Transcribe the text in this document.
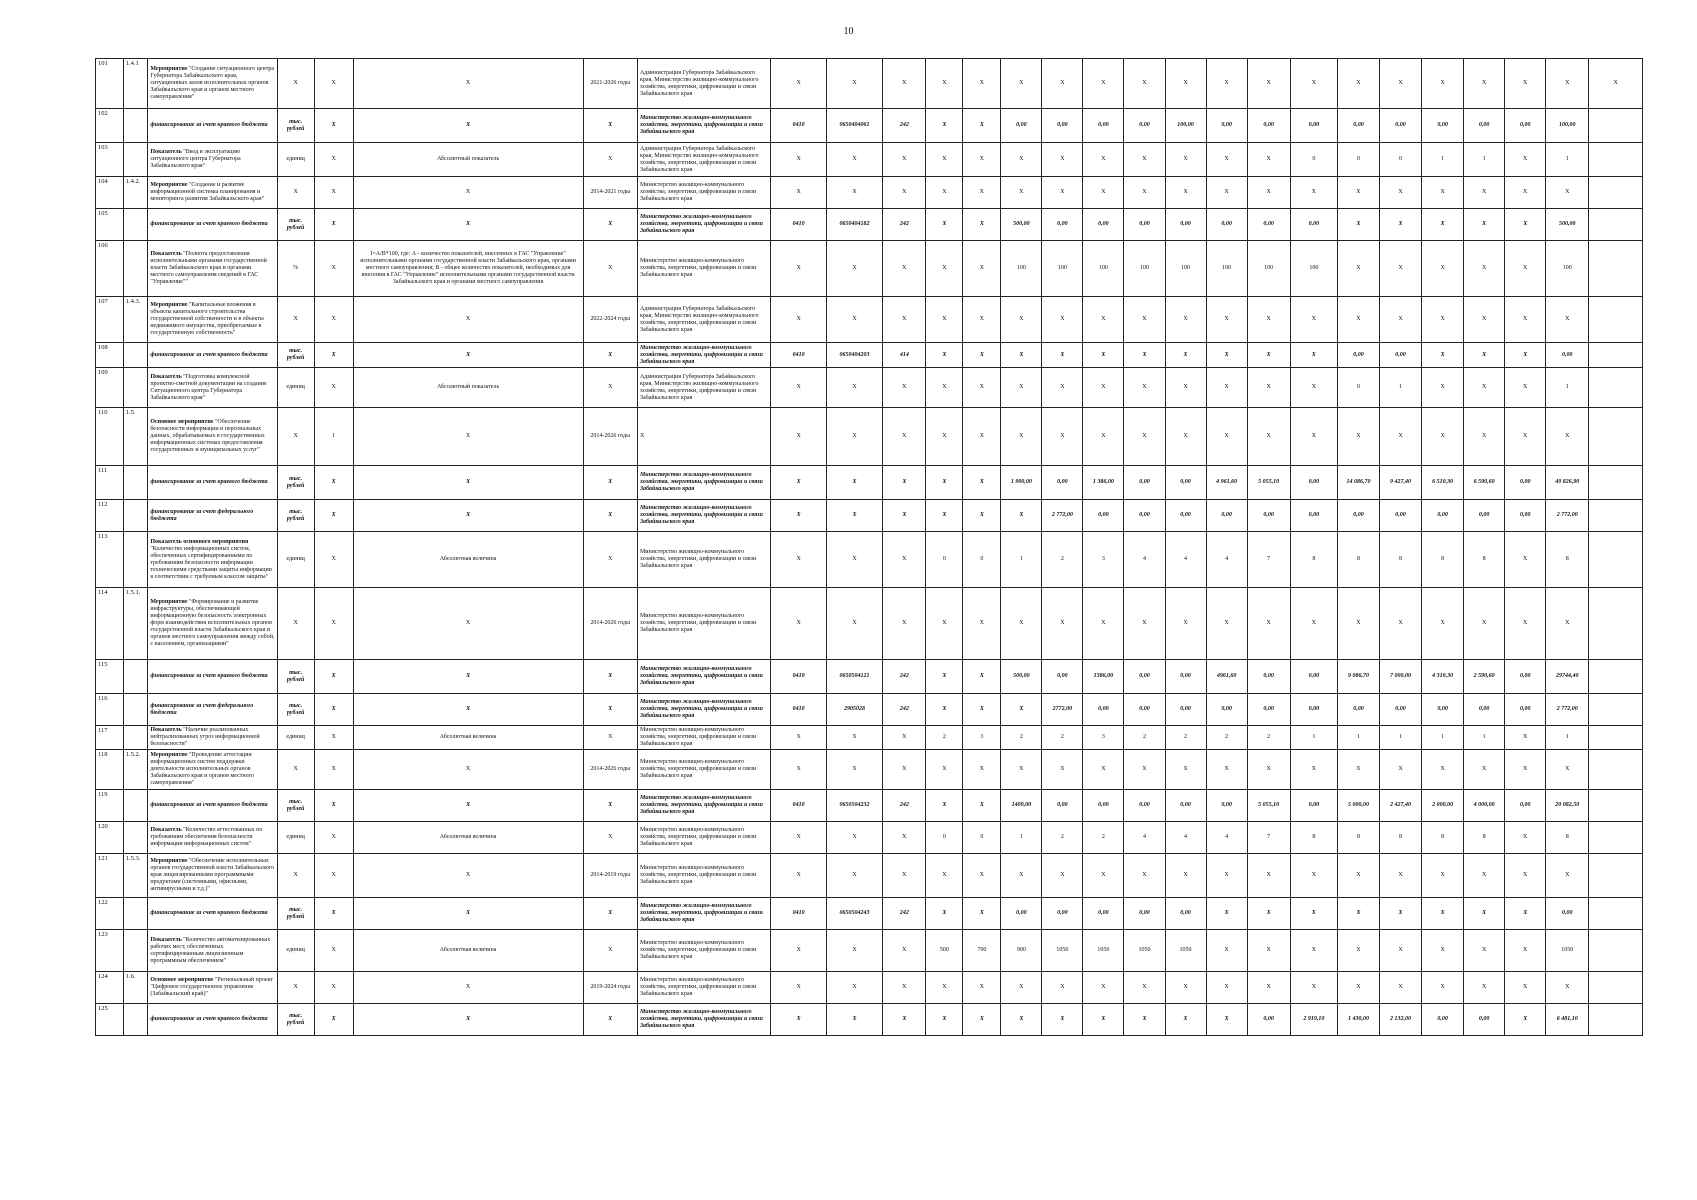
10
101	1.4.1	Мероприятие "Создание ситуационного центра Губернатора Забайкальского края, ситуационных залов исполнительных органов Забайкальского края и органов местного самоуправления"	X	X	X	2021-2026 годы	Администрация Губернатора Забайкальского края, Министерство жилищно-коммунального хозяйства, энергетики, цифровизации и связи Забайкальского края	X	X	X	X	X	X	X	X	X	X	X	X	X	X	X	X	X	X	X	X
102		финансирование за счет краевого бюджета	тыс. рублей	X	X	X	Министерство жилищно-коммунального хозяйства, энергетики, цифровизации и связи Забайкальского края	0410	0650404061	242	X	X	0,00	0,00	0,00	0,00	100,00	0,00	0,00	0,00	0,00	0,00	0,00	0,00	0,00	100,00	
103		Показатель "Ввод в эксплуатацию ситуационного центра Губернатора Забайкальского края"	единиц	X	Абсолютный показатель	X	Администрация Губернатора Забайкальского края, Министерство жилищно-коммунального хозяйства, энергетики, цифровизации и связи Забайкальского края	X	X	X	X	X	X	X	X	X	X	X	X	0	0	0	1	1	X	1	
104	1.4.2.	Мероприятие "Создание и развитие информационной системы планирования и мониторинга развития Забайкальского края"	X	X	X	2014-2021 годы	Министерство жилищно-коммунального хозяйства, энергетики, цифровизации и связи Забайкальского края	X	X	X	X	X	X	X	X	X	X	X	X	X	X	X	X	X	X	X	
105		финансирование за счет краевого бюджета	тыс. рублей	X	X	X	Министерство жилищно-коммунального хозяйства, энергетики, цифровизации и связи Забайкальского края	0410	0650404182	242	X	X	500,00	0,00	0,00	0,00	0,00	0,00	0,00	0,00	X	X	X	X	X	500,00	
106		Показатель "Полнота предоставления исполнительными органами государственной власти Забайкальского края и органами местного самоуправления сведений в ГАС "Управление""	%	X	I=A/B*100, где: А - количество показателей, внесенных в ГАС "Управление" исполнительными органами государственной власти Забайкальского края, органами местного самоуправления; В - общее количество показателей, необходимых для внесения в ГАС "Управление" исполнительными органами государственной власти Забайкальского края и органами местного самоуправления	X	Министерство жилищно-коммунального хозяйства, энергетики, цифровизации и связи Забайкальского края	X	X	X	X	X	100	100	100	100	100	100	100	100	X	X	X	X	X	100	
107	1.4.3.	Мероприятие "Капитальные вложения в объекты капитального строительства государственной собственности и в объекты недвижимого имущества, приобретаемые в государственную собственность"	X	X	X	2022-2024 годы	Администрация Губернатора Забайкальского края, Министерство жилищно-коммунального хозяйства, энергетики, цифровизации и связи Забайкальского края	X	X	X	X	X	X	X	X	X	X	X	X	X	X	X	X	X	X	X	
108		финансирование за счет краевого бюджета	тыс. рублей	X	X	X	Министерство жилищно-коммунального хозяйства, энергетики, цифровизации и связи Забайкальского края	0410	0650404203	414	X	X	X	X	X	X	X	X	X	X	0,00	0,00	X	X	X	0,00	
109		Показатель "Подготовка комплексной проектно-сметной документации на создание Ситуационного центра Губернатора Забайкальского края"	единиц	X	Абсолютный показатель	X	Администрация Губернатора Забайкальского края, Министерство жилищно-коммунального хозяйства, энергетики, цифровизации и связи Забайкальского края	X	X	X	X	X	X	X	X	X	X	X	X	X	0	1	X	X	X	1	
110	1.5.	Основное мероприятие "Обеспечение безопасности информации и персональных данных, обрабатываемых в государственных информационных системах предоставления государственных и муниципальных услуг"	X	1	X	2014-2026 годы	X	X	X	X	X	X	X	X	X	X	X	X	X	X	X	X	X	X	X	X	
111		финансирование за счет краевого бюджета	тыс. рублей	X	X	X	Министерство жилищно-коммунального хозяйства, энергетики, цифровизации и связи Забайкальского края	X	X	X	X	X	1 900,00	0,00	1 386,00	0,00	0,00	4 961,60	5 055,10	0,00	14 086,70	9 427,40	6 510,30	6 590,60	0,00	49 826,90	
112		финансирование за счет федерального бюджета	тыс. рублей	X	X	X	Министерство жилищно-коммунального хозяйства, энергетики, цифровизации и связи Забайкальского края	X	X	X	X	X	X	2 772,00	0,00	0,00	0,00	0,00	0,00	0,00	0,00	0,00	0,00	0,00	0,00	2 772,00	
113		Показатель основного мероприятия "Количество информационных систем, обеспеченных сертифицированными по требованиям безопасности информации техническими средствами защиты информации в соответствии с требуемым классом защиты"	единиц	X	Абсолютная величина	X	Министерство жилищно-коммунального хозяйства, энергетики, цифровизации и связи Забайкальского края	X	X	X	0	0	1	2	3	4	4	4	7	8	8	8	8	8	X	8	
114	1.5.1.	Мероприятие "Формирование и развитие инфраструктуры, обеспечивающей информационную безопасность электронных форм взаимодействия исполнительных органов государственной власти Забайкальского края и органов местного самоуправления между собой, с населением, организациями"	X	X	X	2014-2026 годы	Министерство жилищно-коммунального хозяйства, энергетики, цифровизации и связи Забайкальского края	X	X	X	X	X	X	X	X	X	X	X	X	X	X	X	X	X	X	X	
115		финансирование за счет краевого бюджета	тыс. рублей	X	X	X	Министерство жилищно-коммунального хозяйства, энергетики, цифровизации и связи Забайкальского края	0410	0650504121	242	X	X	500,00	0,00	1386,00	0,00	0,00	4961,60	0,00	0,00	9 086,70	7 000,00	4 310,30	2 590,60	0,00	29744,40	
116		финансирование за счет федерального бюджета	тыс. рублей	X	X	X	Министерство жилищно-коммунального хозяйства, энергетики, цифровизации и связи Забайкальского края	0410	2905028	242	X	X	X	2772,00	0,00	0,00	0,00	0,00	0,00	0,00	0,00	0,00	0,00	0,00	0,00	2 772,00	
117		Показатель "Наличие реализованных нейтрализованных угроз информационной безопасности"	единиц	X	Абсолютная величина	X	Министерство жилищно-коммунального хозяйства, энергетики, цифровизации и связи Забайкальского края	X	X	X	2	3	2	2	3	2	2	2	2	1	1	1	1	1	X	1	
118	1.5.2.	Мероприятие "Проведение аттестации информационных систем поддержки деятельности исполнительных органов Забайкальского края и органов местного самоуправления"	X	X	X	2014-2026 годы	Министерство жилищно-коммунального хозяйства, энергетики, цифровизации и связи Забайкальского края	X	X	X	X	X	X	X	X	X	X	X	X	X	X	X	X	X	X	X	
119		финансирование за счет краевого бюджета	тыс. рублей	X	X	X	Министерство жилищно-коммунального хозяйства, энергетики, цифровизации и связи Забайкальского края	0410	0650504232	242	X	X	1400,00	0,00	0,00	0,00	0,00	0,00	5 055,10	0,00	5 000,00	2 427,40	2 000,00	4 000,00	0,00	20 082,50	
120		Показатель "Количество аттестованных по требованиям обеспечения безопасности информации информационных систем"	единиц	X	Абсолютная величина	X	Министерство жилищно-коммунального хозяйства, энергетики, цифровизации и связи Забайкальского края	X	X	X	0	0	1	2	2	4	4	4	7	8	8	8	8	8	X	8	
121	1.5.3.	Мероприятие "Обеспечение исполнительных органов государственной власти Забайкальского края лицензированными программными продуктами (системными, офисными, антивирусными и т.д.)"	X	X	X	2014-2019 годы	Министерство жилищно-коммунального хозяйства, энергетики, цифровизации и связи Забайкальского края	X	X	X	X	X	X	X	X	X	X	X	X	X	X	X	X	X	X	X	
122		финансирование за счет краевого бюджета	тыс. рублей	X	X	X	Министерство жилищно-коммунального хозяйства, энергетики, цифровизации и связи Забайкальского края	0410	0650504243	242	X	X	0,00	0,00	0,00	0,00	0,00	X	X	X	X	X	X	X	X	0,00	
123		Показатель "Количество автоматизированных рабочих мест, обеспеченных сертифицированным лицензионным программным обеспечением"	единиц	X	Абсолютная величина	X	Министерство жилищно-коммунального хозяйства, энергетики, цифровизации и связи Забайкальского края	X	X	X	500	700	900	1050	1050	1050	1050	X	X	X	X	X	X	X	X	1050	
124	1.6.	Основное мероприятие "Региональный проект "Цифровое государственное управление (Забайкальский край)"	X	X	X	2019-2024 годы	Министерство жилищно-коммунального хозяйства, энергетики, цифровизации и связи Забайкальского края	X	X	X	X	X	X	X	X	X	X	X	X	X	X	X	X	X	X	X	
125		финансирование за счет краевого бюджета	тыс. рублей	X	X	X	Министерство жилищно-коммунального хозяйства, энергетики, цифровизации и связи Забайкальского края	X	X	X	X	X	X	X	X	X	X	X	0,00	2 919,10	1 430,00	2 132,00	0,00	0,00	X	6 481,10	
